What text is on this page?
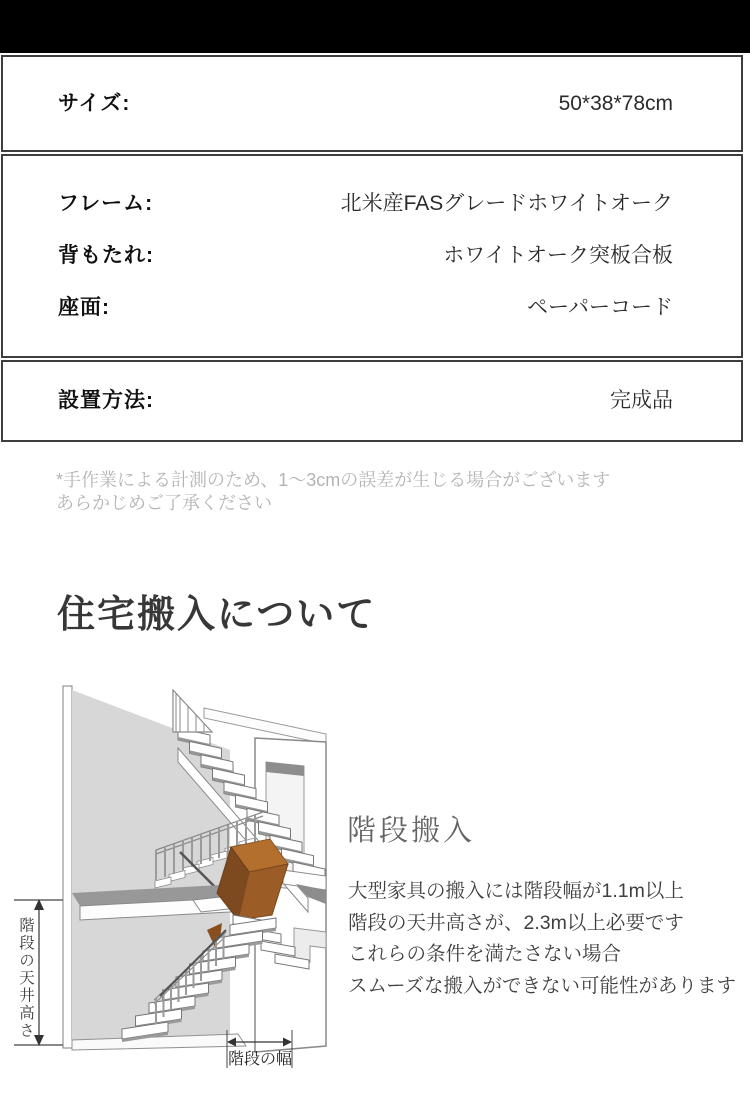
サイズ:	50*38*78cm
フレーム:	北米産FASグレードホワイトオーク
背もたれ:	ホワイトオーク突板合板
座面:	ペーパーコード
設置方法:	完成品
*手作業による計測のため、1〜3cmの誤差が生じる場合がございます
あらかじめご了承ください
住宅搬入について
階段の天井高さ
階段の幅
階段搬入
大型家具の搬入には階段幅が1.1m以上
階段の天井高さが、2.3m以上必要です
これらの条件を満たさない場合
スムーズな搬入ができない可能性があります
